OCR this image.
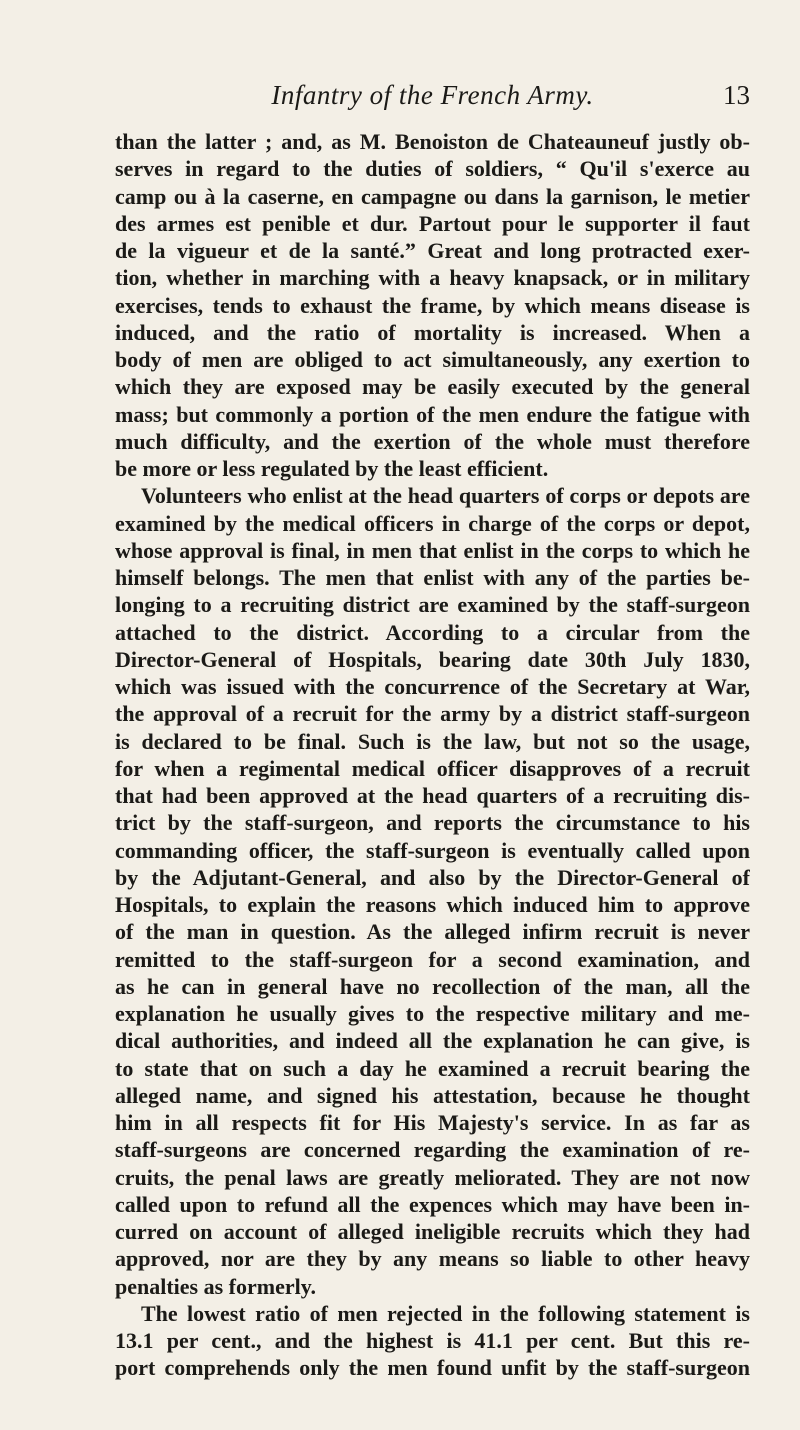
Infantry of the French Army.	13
than the latter ; and, as M. Benoiston de Chateauneuf justly ob-
serves in regard to the duties of soldiers, “ Qu'il s'exerce au
camp ou à la caserne, en campagne ou dans la garnison, le metier
des armes est penible et dur. Partout pour le supporter il faut
de la vigueur et de la santé.” Great and long protracted exer-
tion, whether in marching with a heavy knapsack, or in military
exercises, tends to exhaust the frame, by which means disease is
induced, and the ratio of mortality is increased. When a
body of men are obliged to act simultaneously, any exertion to
which they are exposed may be easily executed by the general
mass; but commonly a portion of the men endure the fatigue with
much difficulty, and the exertion of the whole must therefore
be more or less regulated by the least efficient.
Volunteers who enlist at the head quarters of corps or depots are
examined by the medical officers in charge of the corps or depot,
whose approval is final, in men that enlist in the corps to which he
himself belongs. The men that enlist with any of the parties be-
longing to a recruiting district are examined by the staff-surgeon
attached to the district. According to a circular from the
Director-General of Hospitals, bearing date 30th July 1830,
which was issued with the concurrence of the Secretary at War,
the approval of a recruit for the army by a district staff-surgeon
is declared to be final. Such is the law, but not so the usage,
for when a regimental medical officer disapproves of a recruit
that had been approved at the head quarters of a recruiting dis-
trict by the staff-surgeon, and reports the circumstance to his
commanding officer, the staff-surgeon is eventually called upon
by the Adjutant-General, and also by the Director-General of
Hospitals, to explain the reasons which induced him to approve
of the man in question. As the alleged infirm recruit is never
remitted to the staff-surgeon for a second examination, and
as he can in general have no recollection of the man, all the
explanation he usually gives to the respective military and me-
dical authorities, and indeed all the explanation he can give, is
to state that on such a day he examined a recruit bearing the
alleged name, and signed his attestation, because he thought
him in all respects fit for His Majesty's service. In as far as
staff-surgeons are concerned regarding the examination of re-
cruits, the penal laws are greatly meliorated. They are not now
called upon to refund all the expences which may have been in-
curred on account of alleged ineligible recruits which they had
approved, nor are they by any means so liable to other heavy
penalties as formerly.
The lowest ratio of men rejected in the following statement is
13.1 per cent., and the highest is 41.1 per cent. But this re-
port comprehends only the men found unfit by the staff-surgeon
